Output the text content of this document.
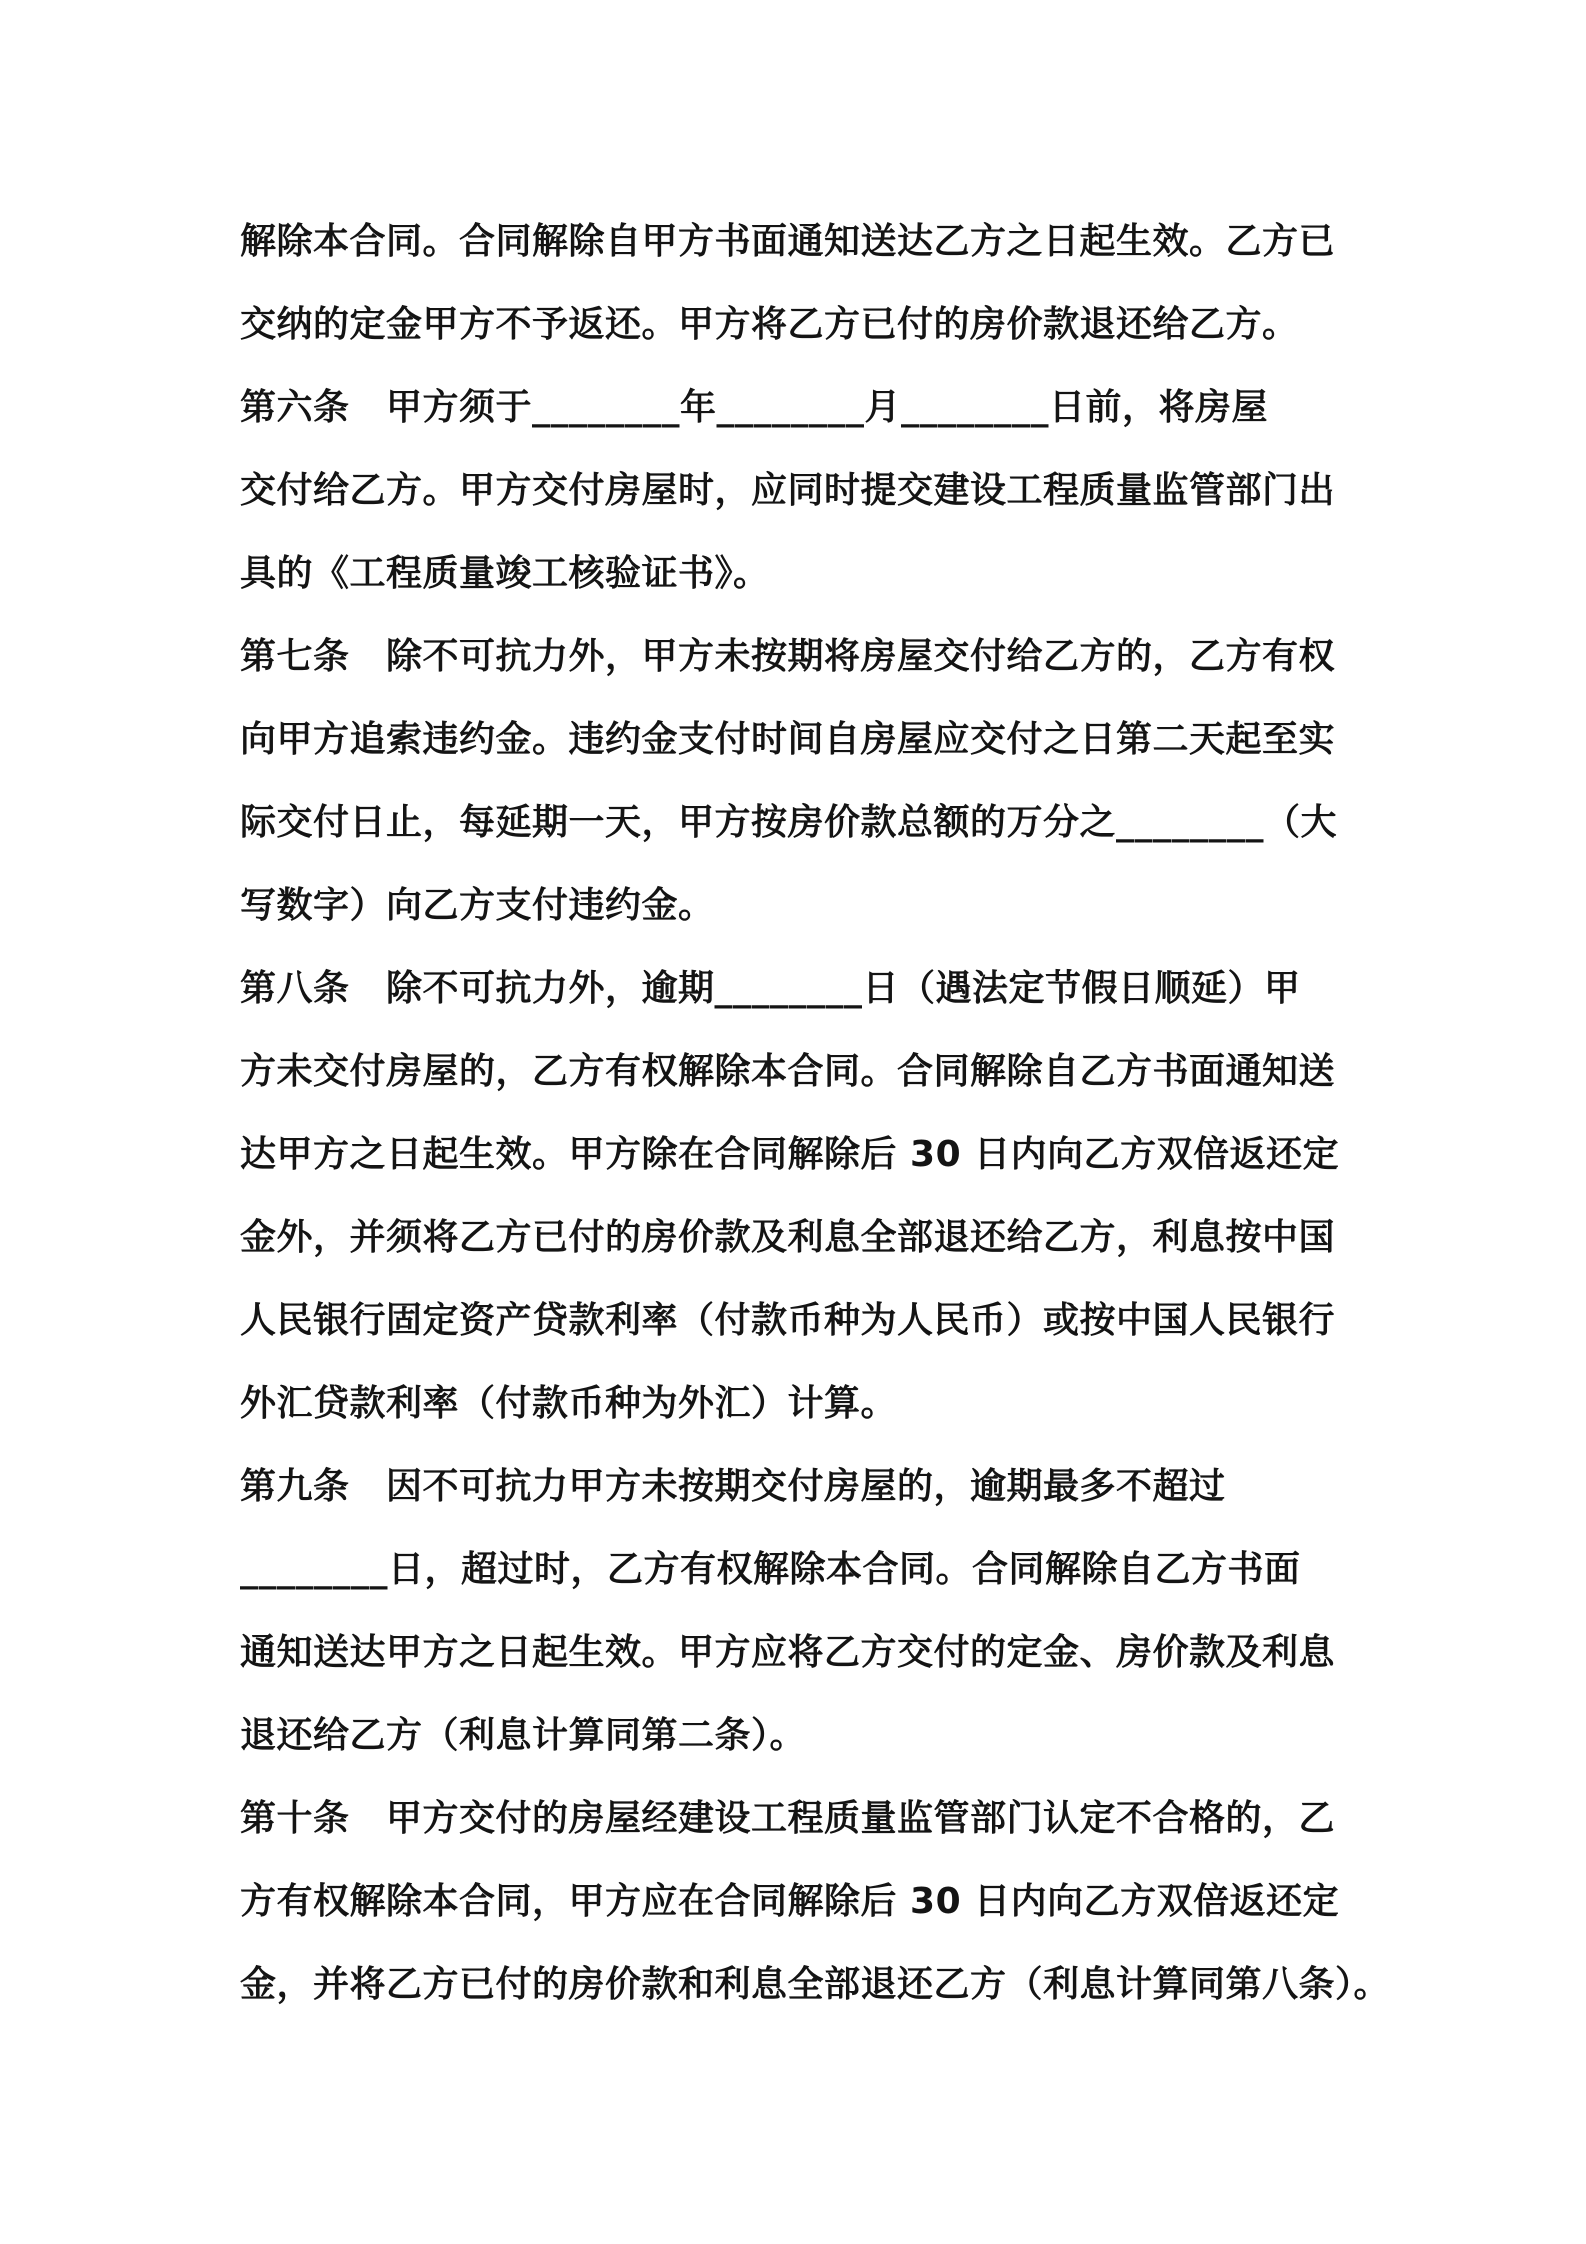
解除本合同。合同解除自甲方书面通知送达乙方之日起生效。乙方已
交纳的定金甲方不予返还。甲方将乙方已付的房价款退还给乙方。
第六条　甲方须于________年________月________日前，将房屋
交付给乙方。甲方交付房屋时，应同时提交建设工程质量监管部门出
具的《工程质量竣工核验证书》。
第七条　除不可抗力外，甲方未按期将房屋交付给乙方的，乙方有权
向甲方追索违约金。违约金支付时间自房屋应交付之日第二天起至实
际交付日止，每延期一天，甲方按房价款总额的万分之________（大
写数字）向乙方支付违约金。
第八条　除不可抗力外，逾期________日（遇法定节假日顺延）甲
方未交付房屋的，乙方有权解除本合同。合同解除自乙方书面通知送
达甲方之日起生效。甲方除在合同解除后 30 日内向乙方双倍返还定
金外，并须将乙方已付的房价款及利息全部退还给乙方，利息按中国
人民银行固定资产贷款利率（付款币种为人民币）或按中国人民银行
外汇贷款利率（付款币种为外汇）计算。
第九条　因不可抗力甲方未按期交付房屋的，逾期最多不超过
________日，超过时，乙方有权解除本合同。合同解除自乙方书面
通知送达甲方之日起生效。甲方应将乙方交付的定金、房价款及利息
退还给乙方（利息计算同第二条）。
第十条　甲方交付的房屋经建设工程质量监管部门认定不合格的，乙
方有权解除本合同，甲方应在合同解除后 30 日内向乙方双倍返还定
金，并将乙方已付的房价款和利息全部退还乙方（利息计算同第八条）。
